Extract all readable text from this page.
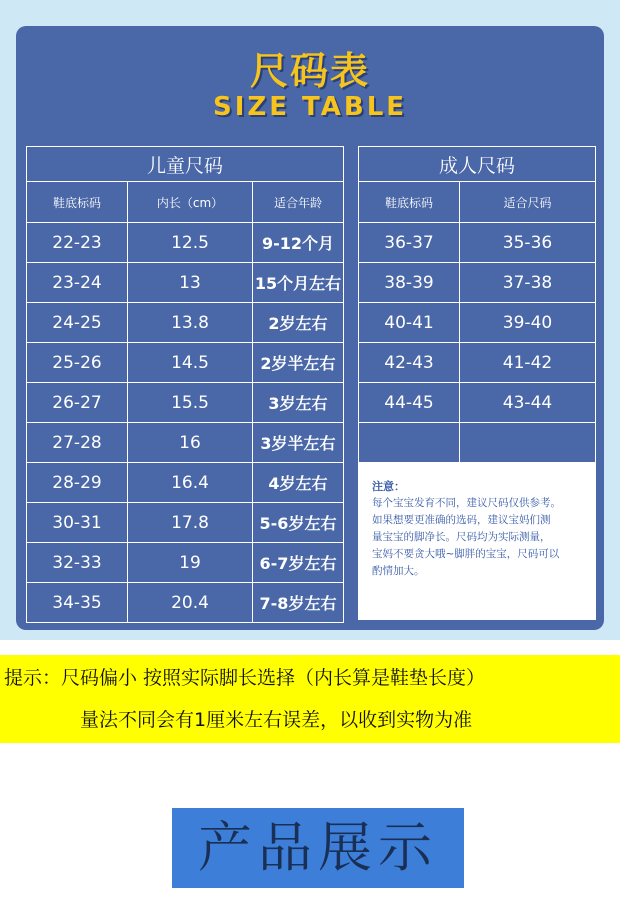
尺码表
SIZE TABLE
儿童尺码		
鞋底标码	内长（cm）	适合年龄
22-23	12.5	9-12个月
23-24	13	15个月左右
24-25	13.8	2岁左右
25-26	14.5	2岁半左右
26-27	15.5	3岁左右
27-28	16	3岁半左右
28-29	16.4	4岁左右
30-31	17.8	5-6岁左右
32-33	19	6-7岁左右
34-35	20.4	7-8岁左右
成人尺码	
鞋底标码	适合尺码
36-37	35-36
38-39	37-38
40-41	39-40
42-43	41-42
44-45	43-44

注意：
每个宝宝发育不同，建议尺码仅供参考。
如果想要更准确的选码，建议宝妈们测
量宝宝的脚净长。尺码均为实际测量，
宝妈不要贪大哦~脚胖的宝宝，尺码可以
酌情加大。
提示：尺码偏小 按照实际脚长选择（内长算是鞋垫长度）
量法不同会有1厘米左右误差，以收到实物为准
产品展示
